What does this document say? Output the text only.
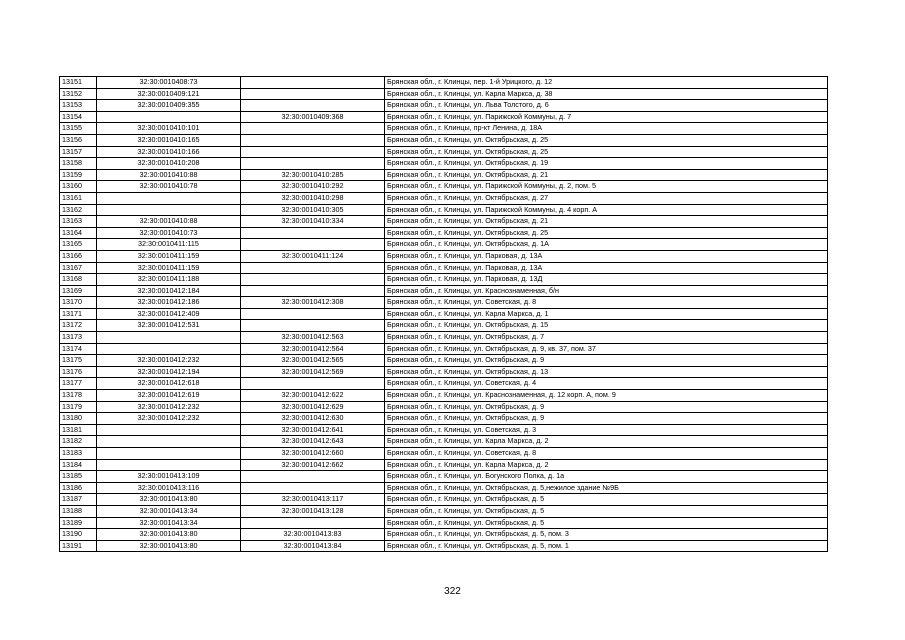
13151	32:30:0010408:73		Брянская обл., г. Клинцы, пер. 1-й Урицкого, д. 12
13152	32:30:0010409:121		Брянская обл., г. Клинцы, ул. Карла Маркса, д. 38
13153	32:30:0010409:355		Брянская обл., г. Клинцы, ул. Льва Толстого, д. 6
13154		32:30:0010409:368	Брянская обл., г. Клинцы, ул. Парижской Коммуны, д. 7
13155	32:30:0010410:101		Брянская обл., г. Клинцы, пр-кт Ленина, д. 18А
13156	32:30:0010410:165		Брянская обл., г. Клинцы, ул. Октябрьская, д. 25
13157	32:30:0010410:166		Брянская обл., г. Клинцы, ул. Октябрьская, д. 25
13158	32:30:0010410:208		Брянская обл., г. Клинцы, ул. Октябрьская, д. 19
13159	32:30:0010410:88	32:30:0010410:285	Брянская обл., г. Клинцы, ул. Октябрьская, д. 21
13160	32:30:0010410:78	32:30:0010410:292	Брянская обл., г. Клинцы, ул. Парижской Коммуны, д. 2, пом. 5
13161		32:30:0010410:298	Брянская обл., г. Клинцы, ул. Октябрьская, д. 27
13162		32:30:0010410:305	Брянская обл., г. Клинцы, ул. Парижской Коммуны, д. 4 корп. А
13163	32:30:0010410:88	32:30:0010410:334	Брянская обл., г. Клинцы, ул. Октябрьская, д. 21
13164	32:30:0010410:73		Брянская обл., г. Клинцы, ул. Октябрьская, д. 25
13165	32:30:0010411:115		Брянская обл., г. Клинцы, ул. Октябрьская, д. 1А
13166	32:30:0010411:159	32:30:0010411:124	Брянская обл., г. Клинцы, ул. Парковая, д. 13А
13167	32:30:0010411:159		Брянская обл., г. Клинцы, ул. Парковая, д. 13А
13168	32:30:0010411:188		Брянская обл., г. Клинцы, ул. Парковая, д. 13Д
13169	32:30:0010412:184		Брянская обл., г. Клинцы, ул. Краснознаменная, б/н
13170	32:30:0010412:186	32:30:0010412:308	Брянская обл., г. Клинцы, ул. Советская, д. 8
13171	32:30:0010412:409		Брянская обл., г. Клинцы, ул. Карла Маркса, д. 1
13172	32:30:0010412:531		Брянская обл., г. Клинцы, ул. Октябрьская, д. 15
13173		32:30:0010412:563	Брянская обл., г. Клинцы, ул. Октябрьская, д. 7
13174		32:30:0010412:564	Брянская обл., г. Клинцы, ул. Октябрьская, д. 9, кв. 37, пом. 37
13175	32:30:0010412:232	32:30:0010412:565	Брянская обл., г. Клинцы, ул. Октябрьская, д. 9
13176	32:30:0010412:194	32:30:0010412:569	Брянская обл., г. Клинцы, ул. Октябрьская, д. 13
13177	32:30:0010412:618		Брянская обл., г. Клинцы, ул. Советская, д. 4
13178	32:30:0010412:619	32:30:0010412:622	Брянская обл., г. Клинцы, ул. Краснознаменная, д. 12 корп. А, пом. 9
13179	32:30:0010412:232	32:30:0010412:629	Брянская обл., г. Клинцы, ул. Октябрьская, д. 9
13180	32:30:0010412:232	32:30:0010412:630	Брянская обл., г. Клинцы, ул. Октябрьская, д. 9
13181		32:30:0010412:641	Брянская обл., г. Клинцы, ул. Советская, д. 3
13182		32:30:0010412:643	Брянская обл., г. Клинцы, ул. Карла Маркса, д. 2
13183		32:30:0010412:660	Брянская обл., г. Клинцы, ул. Советская, д. 8
13184		32:30:0010412:662	Брянская обл., г. Клинцы, ул. Карла Маркса, д. 2
13185	32:30:0010413:109		Брянская обл., г. Клинцы, ул. Богунского Полка, д. 1а
13186	32:30:0010413:116		Брянская обл., г. Клинцы, ул. Октябрьская, д. 5,нежилое здание №9Б
13187	32:30:0010413:80	32:30:0010413:117	Брянская обл., г. Клинцы, ул. Октябрьская, д. 5
13188	32:30:0010413:34	32:30:0010413:128	Брянская обл., г. Клинцы, ул. Октябрьская, д. 5
13189	32:30:0010413:34		Брянская обл., г. Клинцы, ул. Октябрьская, д. 5
13190	32:30:0010413:80	32:30:0010413:83	Брянская обл., г. Клинцы, ул. Октябрьская, д. 5, пом. 3
13191	32:30:0010413:80	32:30:0010413:84	Брянская обл., г. Клинцы, ул. Октябрьская, д. 5, пом. 1
322
